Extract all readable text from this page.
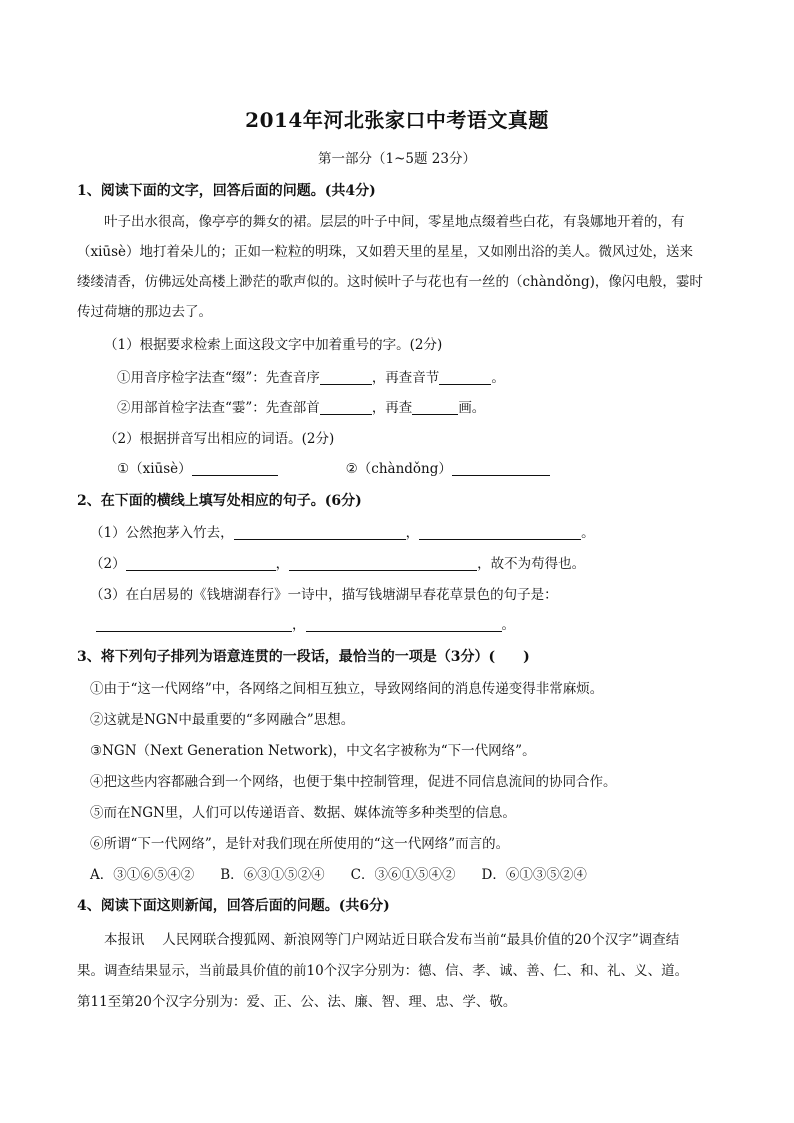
2014年河北张家口中考语文真题
第一部分（1~5题 23分）
1、阅读下面的文字，回答后面的问题。(共4分)
叶子出水很高，像亭亭的舞女的裙。层层的叶子中间，零星地点缀着些白花，有袅娜地开着的，有
（xiūsè）地打着朵儿的；正如一粒粒的明珠，又如碧天里的星星，又如刚出浴的美人。微风过处，送来
缕缕清香，仿佛远处高楼上渺茫的歌声似的。这时候叶子与花也有一丝的（chàndǒng)，像闪电般，霎时
传过荷塘的那边去了。
（1）根据要求检索上面这段文字中加着重号的字。(2分)
①用音序检字法查“缀”：先查音序	，再查音节	。
②用部首检字法查“霎”：先查部首	，再查	画。
（2）根据拼音写出相应的词语。(2分)
①（xiūsè）	②（chàndǒng）
2、在下面的横线上填写处相应的句子。(6分)
（1）公然抱茅入竹去，	，	。
（2）	，	，故不为苟得也。
（3）在白居易的《钱塘湖春行》一诗中，描写钱塘湖早春花草景色的句子是：
，	。
3、将下列句子排列为语意连贯的一段话，最恰当的一项是（3分）(　　)
①由于“这一代网络”中，各网络之间相互独立，导致网络间的消息传递变得非常麻烦。
②这就是NGN中最重要的“多网融合”思想。
③NGN（Next Generation Network)，中文名字被称为“下一代网络”。
④把这些内容都融合到一个网络，也便于集中控制管理，促进不同信息流间的协同合作。
⑤而在NGN里，人们可以传递语音、数据、媒体流等多种类型的信息。
⑥所谓“下一代网络”，是针对我们现在所使用的“这一代网络”而言的。
A．③①⑥⑤④② B．⑥③①⑤②④ C．③⑥①⑤④② D．⑥①③⑤②④
4、阅读下面这则新闻，回答后面的问题。(共6分)
本报讯　 人民网联合搜狐网、新浪网等门户网站近日联合发布当前“最具价值的20个汉字”调查结
果。调查结果显示，当前最具价值的前10个汉字分别为：德、信、孝、诚、善、仁、和、礼、义、道。
第11至第20个汉字分别为：爱、正、公、法、廉、智、理、忠、学、敬。
